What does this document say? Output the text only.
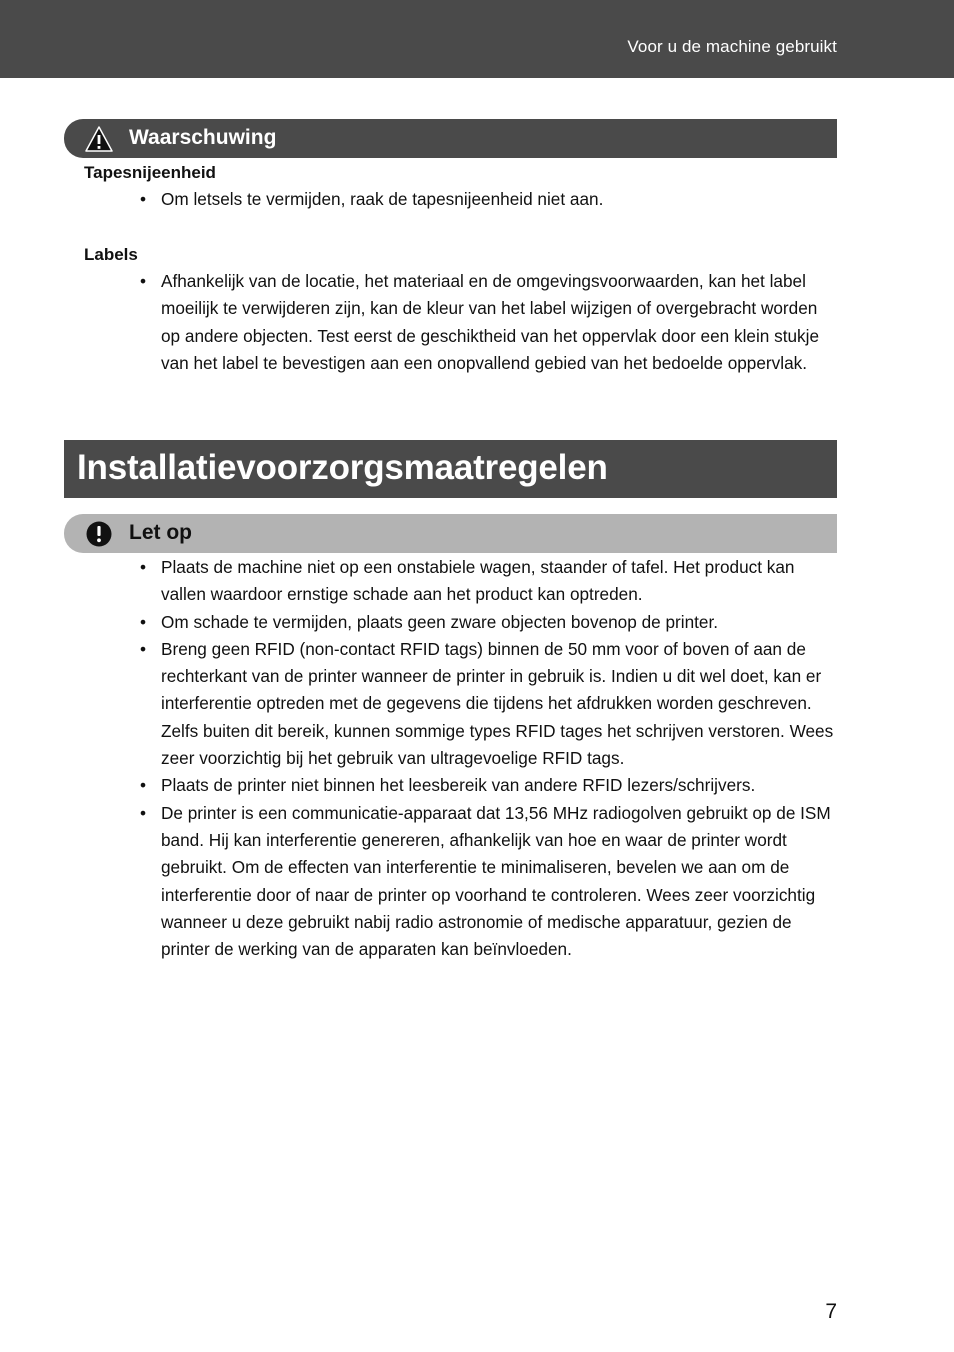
Voor u de machine gebruikt
Waarschuwing
Tapesnijeenheid
• Om letsels te vermijden, raak de tapesnijeenheid niet aan.
Labels
• Afhankelijk van de locatie, het materiaal en de omgevingsvoorwaarden, kan het label moeilijk te verwijderen zijn, kan de kleur van het label wijzigen of overgebracht worden op andere objecten. Test eerst de geschiktheid van het oppervlak door een klein stukje van het label te bevestigen aan een onopvallend gebied van het bedoelde oppervlak.
Installatievoorzorgsmaatregelen
Let op
• Plaats de machine niet op een onstabiele wagen, staander of tafel. Het product kan vallen waardoor ernstige schade aan het product kan optreden.
• Om schade te vermijden, plaats geen zware objecten bovenop de printer.
• Breng geen RFID (non-contact RFID tags) binnen de 50 mm voor of boven of aan de rechterkant van de printer wanneer de printer in gebruik is. Indien u dit wel doet, kan er interferentie optreden met de gegevens die tijdens het afdrukken worden geschreven. Zelfs buiten dit bereik, kunnen sommige types RFID tages het schrijven verstoren. Wees zeer voorzichtig bij het gebruik van ultragevoelige RFID tags.
• Plaats de printer niet binnen het leesbereik van andere RFID lezers/schrijvers.
• De printer is een communicatie-apparaat dat 13,56 MHz radiogolven gebruikt op de ISM band. Hij kan interferentie genereren, afhankelijk van hoe en waar de printer wordt gebruikt. Om de effecten van interferentie te minimaliseren, bevelen we aan om de interferentie door of naar de printer op voorhand te controleren. Wees zeer voorzichtig wanneer u deze gebruikt nabij radio astronomie of medische apparatuur, gezien de printer de werking van de apparaten kan beïnvloeden.
7
